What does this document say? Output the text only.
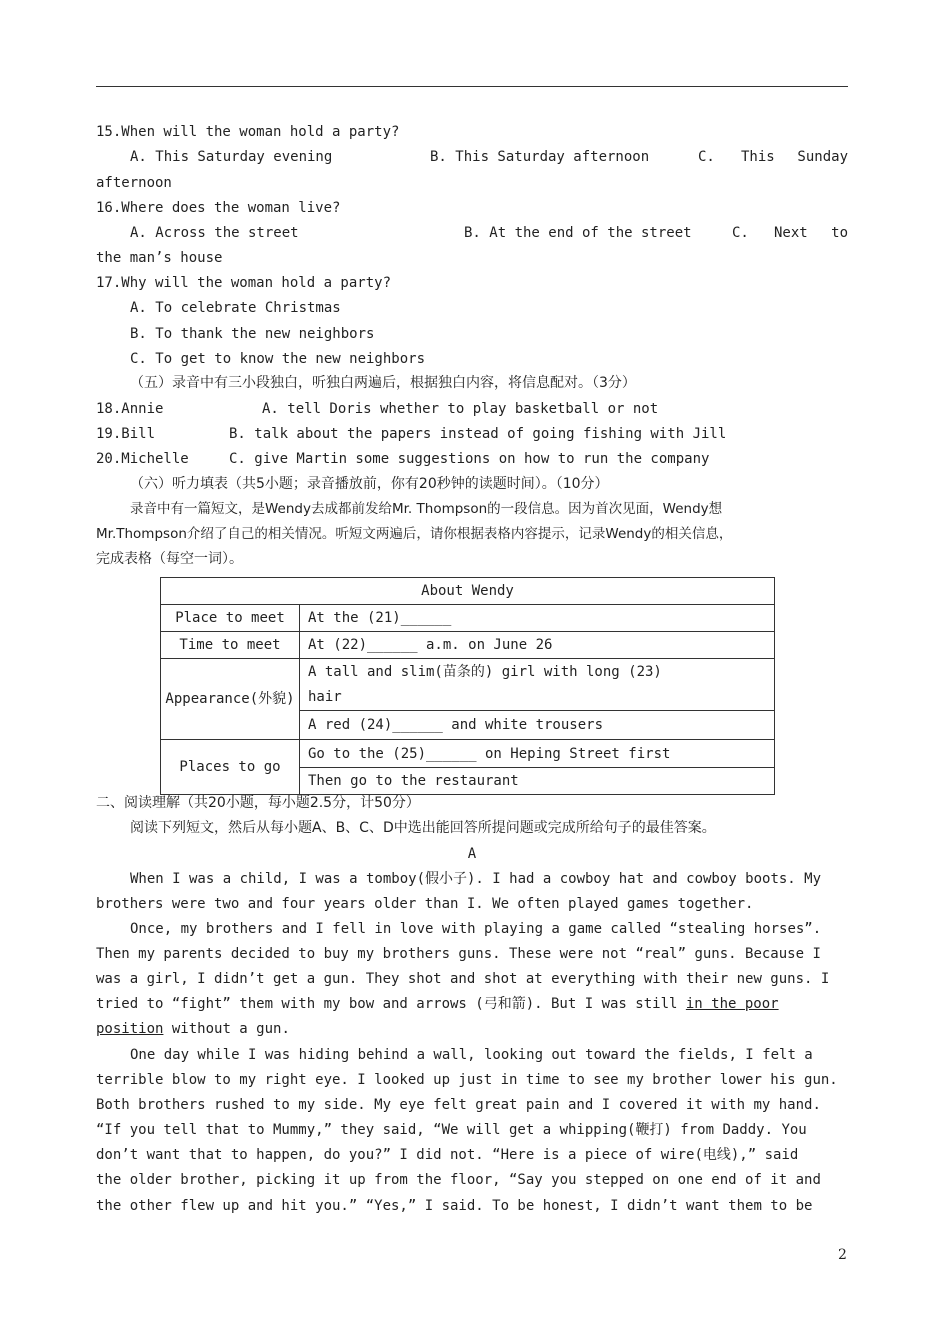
15.When will the woman hold a party?
A. This Saturday evening	B. This Saturday afternoon	C. This Sunday
afternoon
16.Where does the woman live?
A. Across the street	B. At the end of the street	C. Next to
the man’s house
17.Why will the woman hold a party?
A. To celebrate Christmas
B. To thank the new neighbors
C. To get to know the new neighbors
（五）录音中有三小段独白，听独白两遍后，根据独白内容，将信息配对。（3分）
18.Annie	A. tell Doris whether to play basketball or not
19.Bill	B. talk about the papers instead of going fishing with Jill
20.Michelle	C. give Martin some suggestions on how to run the company
（六）听力填表（共5小题；录音播放前，你有20秒钟的读题时间）。（10分）
录音中有一篇短文，是Wendy去成都前发给Mr. Thompson的一段信息。因为首次见面，Wendy想
Mr.Thompson介绍了自己的相关情况。听短文两遍后，请你根据表格内容提示，记录Wendy的相关信息，
完成表格（每空一词）。
About Wendy	
Place to meet	At the (21)______
Time to meet	At (22)______ a.m. on June 26
Appearance(外貌)	A tall and slim(苗条的) girl with long (23)
hair

	A red (24)______ and white trousers
Places to go	Go to the (25)______ on Heping Street first
	Then go to the restaurant
二、阅读理解（共20小题，每小题2.5分，计50分）
阅读下列短文，然后从每小题A、B、C、D中选出能回答所提问题或完成所给句子的最佳答案。
A
When I was a child, I was a tomboy(假小子). I had a cowboy hat and cowboy boots. My
brothers were two and four years older than I. We often played games together.
Once, my brothers and I fell in love with playing a game called “stealing horses”.
Then my parents decided to buy my brothers guns. These were not “real” guns. Because I
was a girl, I didn’t get a gun. They shot and shot at everything with their new guns. I
tried to “fight” them with my bow and arrows (弓和箭). But I was still in the poor
position without a gun.
One day while I was hiding behind a wall, looking out toward the fields, I felt a
terrible blow to my right eye. I looked up just in time to see my brother lower his gun.
Both brothers rushed to my side. My eye felt great pain and I covered it with my hand.
“If you tell that to Mummy,” they said, “We will get a whipping(鞭打) from Daddy. You
don’t want that to happen, do you?” I did not. “Here is a piece of wire(电线),” said
the older brother, picking it up from the floor, “Say you stepped on one end of it and
the other flew up and hit you.” “Yes,” I said. To be honest, I didn’t want them to be
2
